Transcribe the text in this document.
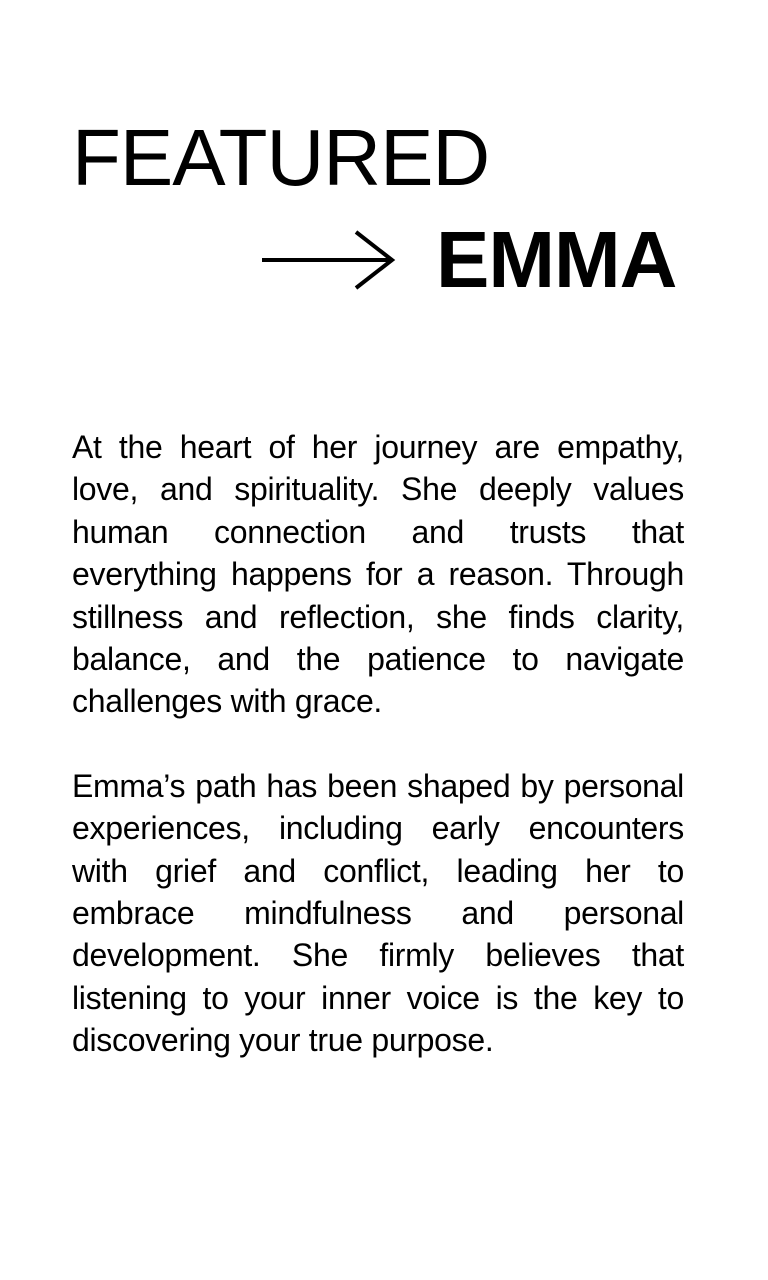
FEATURED
EMMA

At the heart of her journey are empathy, love, and spirituality. She deeply values human connection and trusts that everything happens for a reason. Through stillness and reflection, she finds clarity, balance, and the patience to navigate challenges with grace.

Emma’s path has been shaped by personal experiences, including early encounters with grief and conflict, leading her to embrace mindfulness and personal development. She firmly believes that listening to your inner voice is the key to discovering your true purpose.
